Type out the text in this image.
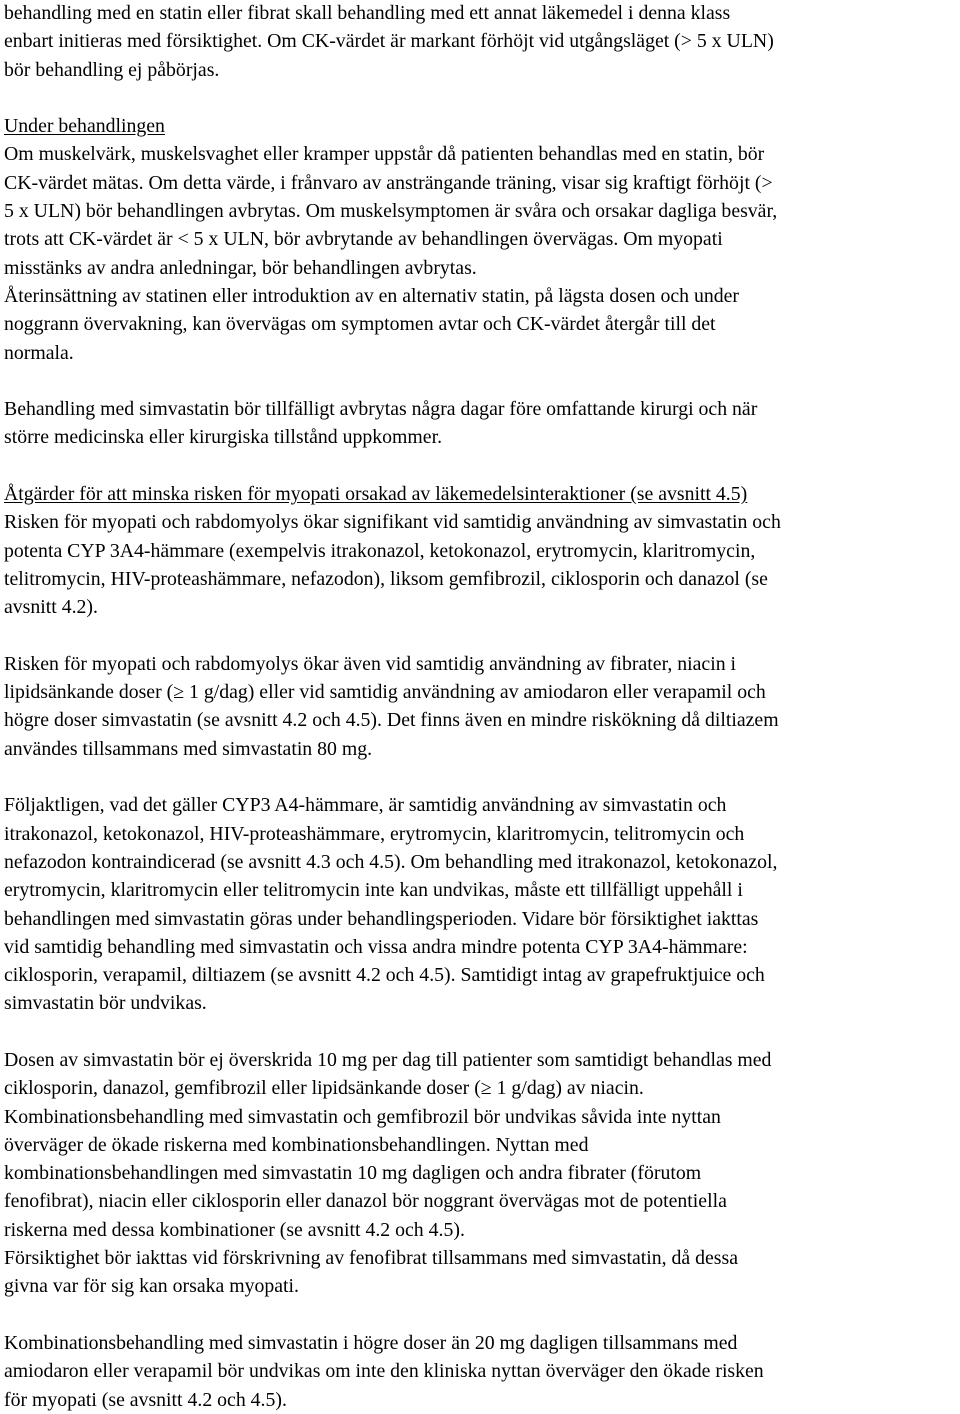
behandling med en statin eller fibrat skall behandling med ett annat läkemedel i denna klass
enbart initieras med försiktighet. Om CK-värdet är markant förhöjt vid utgångsläget (> 5 x ULN)
bör behandling ej påbörjas.
Under behandlingen
Om muskelvärk, muskelsvaghet eller kramper uppstår då patienten behandlas med en statin, bör
CK-värdet mätas. Om detta värde, i frånvaro av ansträngande träning, visar sig kraftigt förhöjt (>
5 x ULN) bör behandlingen avbrytas. Om muskelsymptomen är svåra och orsakar dagliga besvär,
trots att CK-värdet är < 5 x ULN, bör avbrytande av behandlingen övervägas. Om myopati
misstänks av andra anledningar, bör behandlingen avbrytas.
Återinsättning av statinen eller introduktion av en alternativ statin, på lägsta dosen och under
noggrann övervakning, kan övervägas om symptomen avtar och CK-värdet återgår till det
normala.
Behandling med simvastatin bör tillfälligt avbrytas några dagar före omfattande kirurgi och när
större medicinska eller kirurgiska tillstånd uppkommer.
Åtgärder för att minska risken för myopati orsakad av läkemedelsinteraktioner (se avsnitt 4.5)
Risken för myopati och rabdomyolys ökar signifikant vid samtidig användning av simvastatin och
potenta CYP 3A4-hämmare (exempelvis itrakonazol, ketokonazol, erytromycin, klaritromycin,
telitromycin, HIV-proteashämmare, nefazodon), liksom gemfibrozil, ciklosporin och danazol (se
avsnitt 4.2).
Risken för myopati och rabdomyolys ökar även vid samtidig användning av fibrater, niacin i
lipidsänkande doser (≥ 1 g/dag) eller vid samtidig användning av amiodaron eller verapamil och
högre doser simvastatin (se avsnitt 4.2 och 4.5). Det finns även en mindre riskökning då diltiazem
användes tillsammans med simvastatin 80 mg.
Följaktligen, vad det gäller CYP3 A4-hämmare, är samtidig användning av simvastatin och
itrakonazol, ketokonazol, HIV-proteashämmare, erytromycin, klaritromycin, telitromycin och
nefazodon kontraindicerad (se avsnitt 4.3 och 4.5). Om behandling med itrakonazol, ketokonazol,
erytromycin, klaritromycin eller telitromycin inte kan undvikas, måste ett tillfälligt uppehåll i
behandlingen med simvastatin göras under behandlingsperioden. Vidare bör försiktighet iakttas
vid samtidig behandling med simvastatin och vissa andra mindre potenta CYP 3A4-hämmare:
ciklosporin, verapamil, diltiazem (se avsnitt 4.2 och 4.5). Samtidigt intag av grapefruktjuice och
simvastatin bör undvikas.
Dosen av simvastatin bör ej överskrida 10 mg per dag till patienter som samtidigt behandlas med
ciklosporin, danazol, gemfibrozil eller lipidsänkande doser (≥ 1 g/dag) av niacin.
Kombinationsbehandling med simvastatin och gemfibrozil bör undvikas såvida inte nyttan
överväger de ökade riskerna med kombinationsbehandlingen. Nyttan med
kombinationsbehandlingen med simvastatin 10 mg dagligen och andra fibrater (förutom
fenofibrat), niacin eller ciklosporin eller danazol bör noggrant övervägas mot de potentiella
riskerna med dessa kombinationer (se avsnitt 4.2 och 4.5).
Försiktighet bör iakttas vid förskrivning av fenofibrat tillsammans med simvastatin, då dessa
givna var för sig kan orsaka myopati.
Kombinationsbehandling med simvastatin i högre doser än 20 mg dagligen tillsammans med
amiodaron eller verapamil bör undvikas om inte den kliniska nyttan överväger den ökade risken
för myopati (se avsnitt 4.2 och 4.5).
